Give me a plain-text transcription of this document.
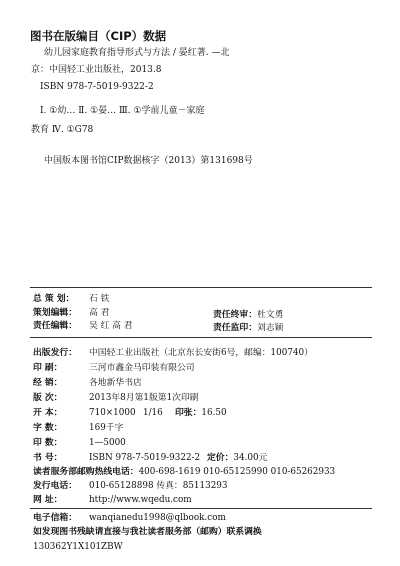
图书在版编目（CIP）数据
幼儿园家庭教育指导形式与方法 / 晏红著. —北
京：中国轻工业出版社，2013.8
ISBN 978-7-5019-9322-2
Ⅰ. ①幼… Ⅱ. ①晏… Ⅲ. ①学前儿童－家庭
教育 Ⅳ. ①G78
中国版本图书馆CIP数据核字（2013）第131698号
总 策 划： 石 铁
策划编辑： 高 君	责任终审：杜文勇
责任编辑： 吴 红 高 君	责任监印：刘志颖
出版发行： 中国轻工业出版社（北京东长安街6号，邮编：100740）
印 刷：	三河市鑫金马印装有限公司
经 销：	各地新华书店
版 次：	2013年8月第1版第1次印刷
开 本：	710×1000 1/16 印张：16.50
字 数：	169千字
印 数：	1—5000
书 号：	ISBN 978-7-5019-9322-2 定价：34.00元
读者服务部邮购热线电话：400-698-1619 010-65125990 010-65262933
发行电话： 010-65128898 传真：85113293
网 址：	http://www.wqedu.com
电子信箱： wanqianedu1998@qlbook.com
如发现图书残缺请直接与我社读者服务部（邮购）联系调换
130362Y1X101ZBW
